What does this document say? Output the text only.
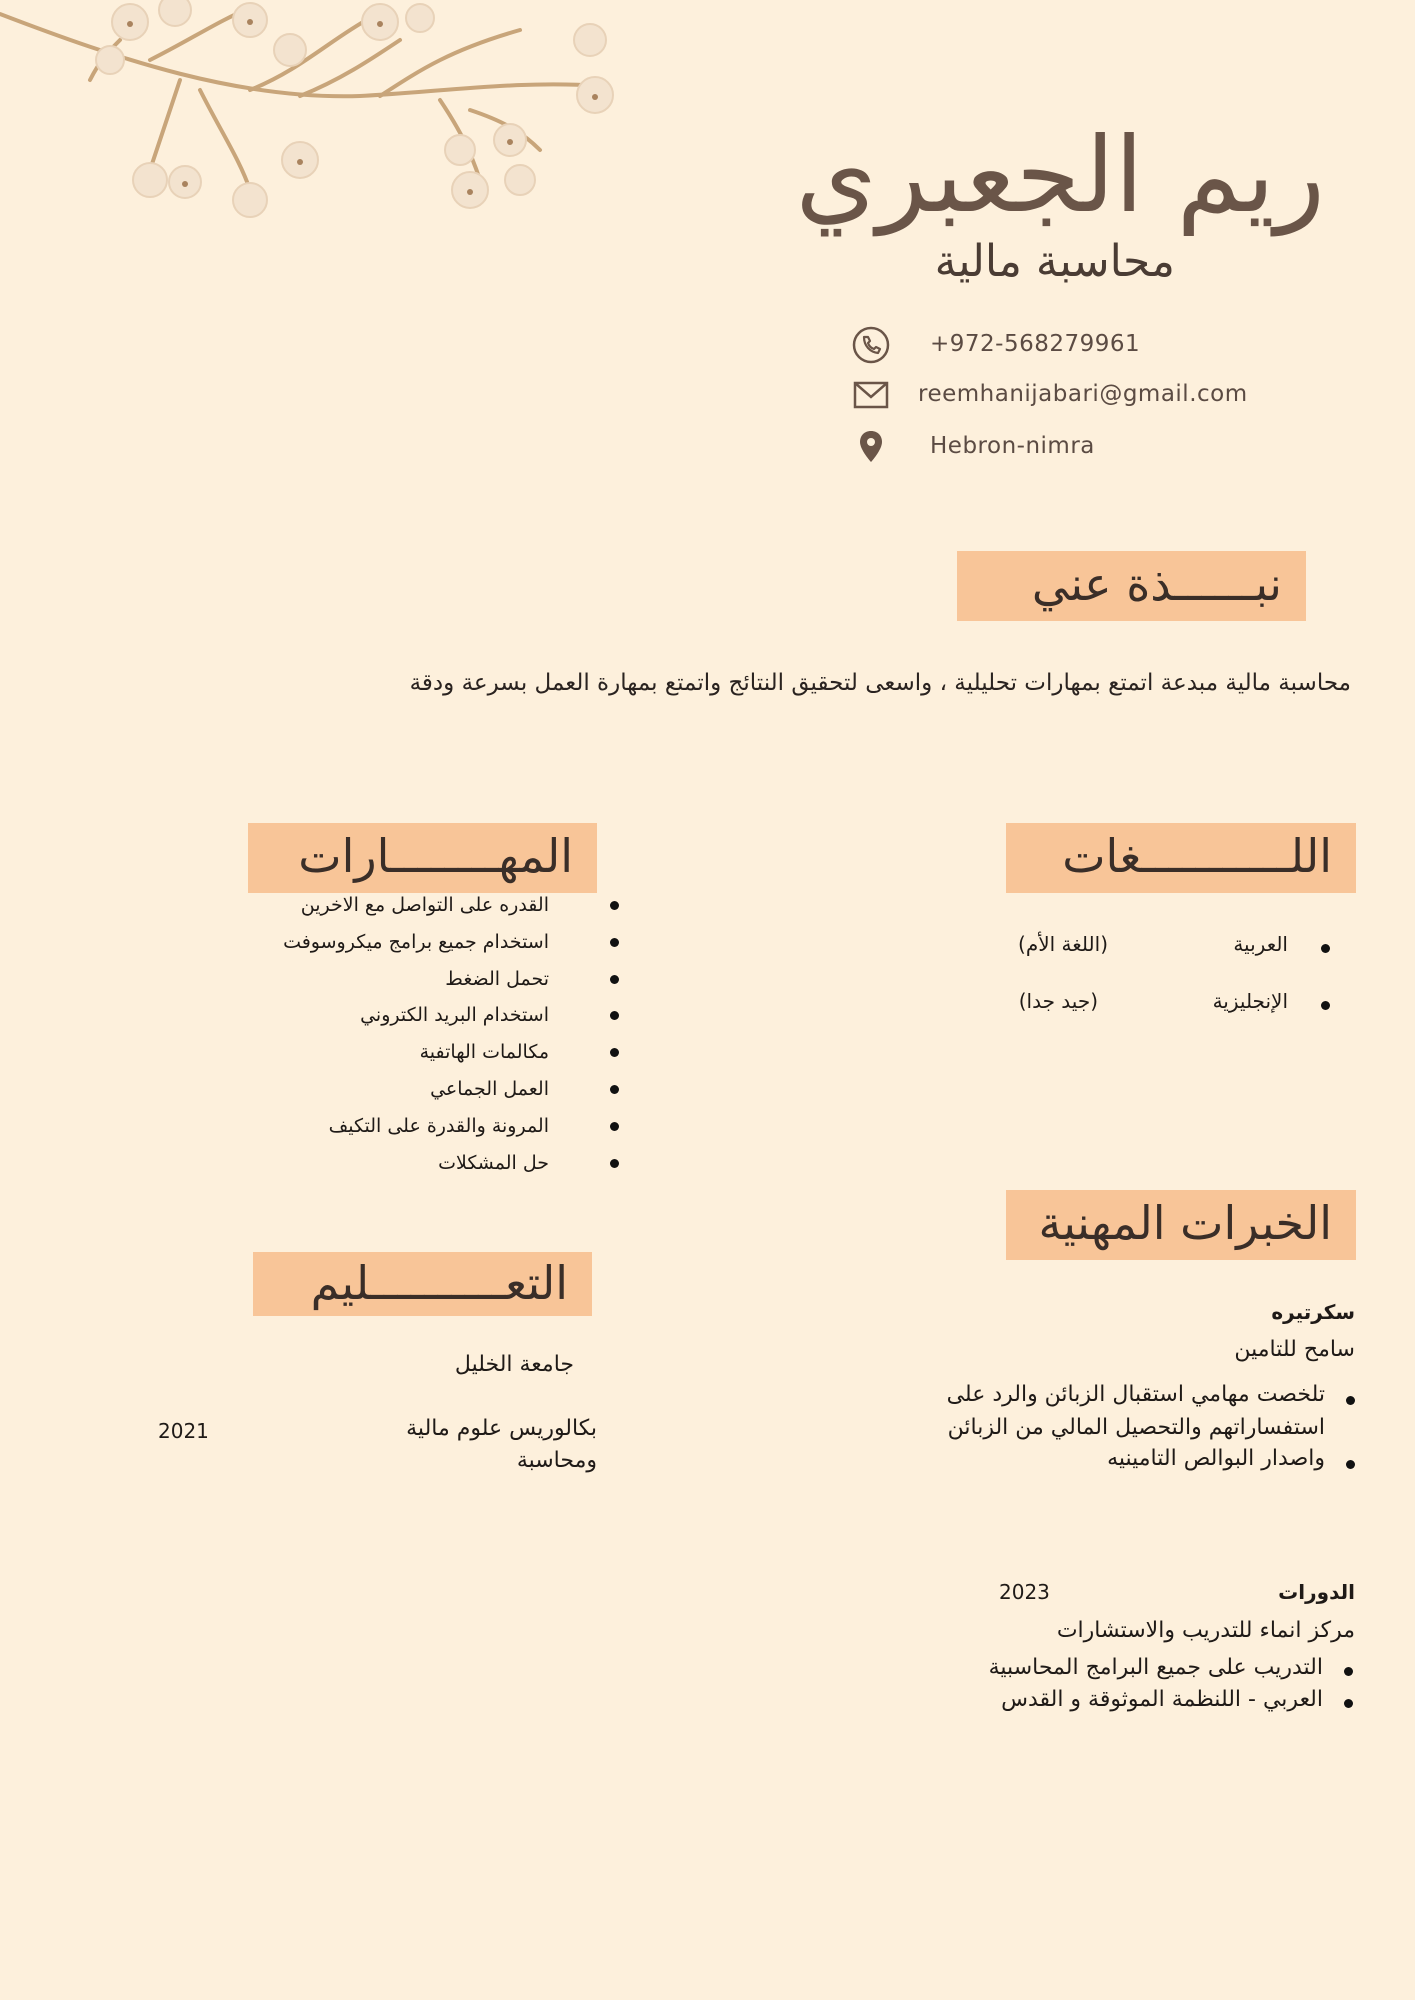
ريم الجعبري
محاسبة مالية
+972-568279961
reemhanijabari@gmail.com
Hebron-nimra
نبــــــذة عني
محاسبة مالية مبدعة اتمتع بمهارات تحليلية ، واسعى لتحقيق النتائج واتمتع بمهارة العمل بسرعة ودقة
اللـــــــــــغات
العربية
(اللغة الأم)
الإنجليزية
(جيد جدا)
المهــــــــارات
القدره على التواصل مع الاخرين
استخدام جميع برامج ميكروسوفت
تحمل الضغط
استخدام البريد الكتروني
مكالمات الهاتفية
العمل الجماعي
المرونة والقدرة على التكيف
حل المشكلات
الخبرات المهنية
سكرتيره
سامح للتامين
تلخصت مهامي استقبال الزبائن والرد على
استفساراتهم والتحصيل المالي من الزبائن
واصدار البوالص التامينيه
التعــــــــــليم
جامعة الخليل
بكالوريس علوم مالية
ومحاسبة
2021
الدورات
2023
مركز انماء للتدريب والاستشارات
التدريب على جميع البرامج المحاسبية
العربي - اللنظمة الموثوقة و القدس
